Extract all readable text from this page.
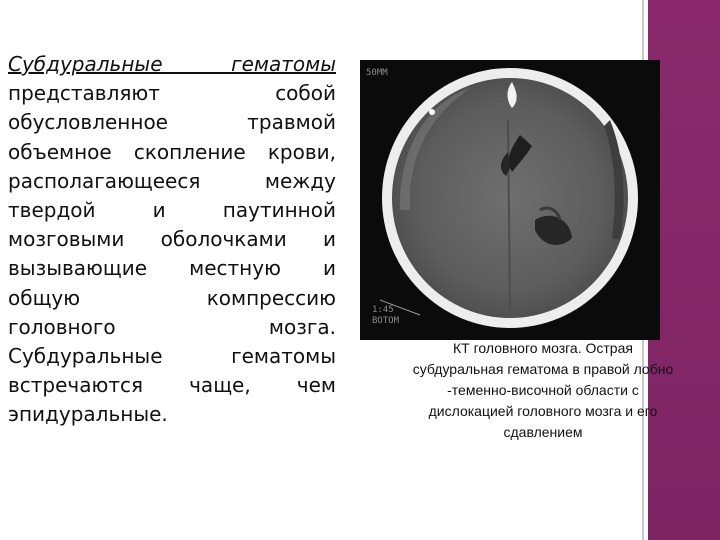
Субдуральные гематомы
представляют собой
обусловленное травмой
объемное скопление крови,
располагающееся между
твердой и паутинной
мозговыми оболочками и
вызывающие местную и
общую компрессию
головного мозга.
Субдуральные гематомы
встречаются чаще, чем
эпидуральные.
50MM
1:45
ВОТОМ
КТ головного мозга. Острая
субдуральная гематома в правой лобно
-теменно-височной области с
дислокацией головного мозга и его
сдавлением
